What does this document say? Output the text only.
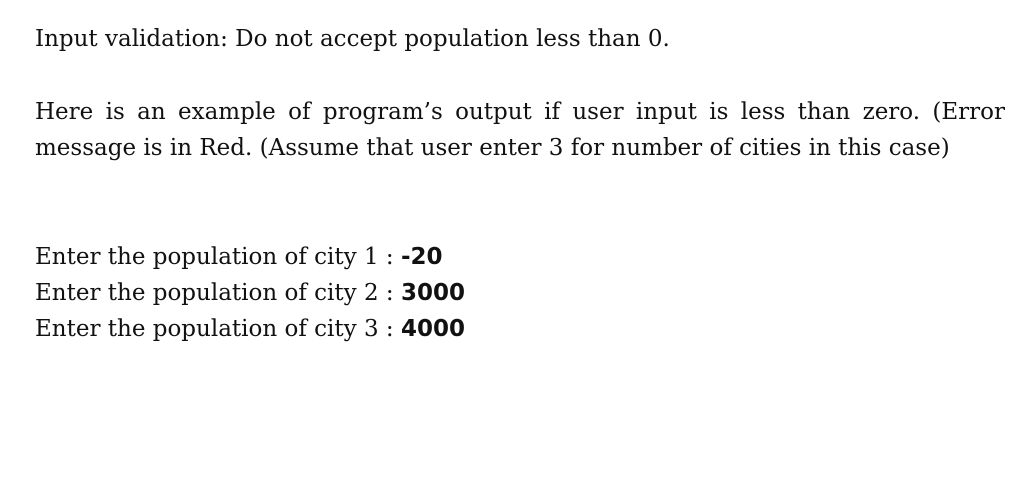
Input validation: Do not accept population less than 0.
Here is an example of program’s output if user input is less than zero. (Error
message is in Red. (Assume that user enter 3 for number of cities in this case)
Enter the population of city 1 : -20
Enter the population of city 2 : 3000
Enter the population of city 3 : 4000
